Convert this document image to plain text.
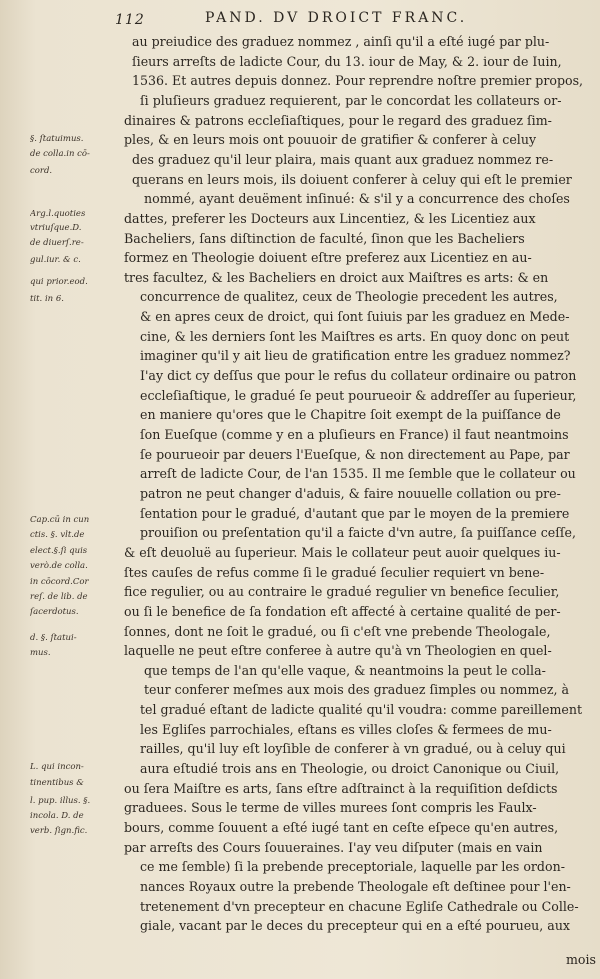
112	PAND. DV DROICT FRANC.
§. ſtatuimus.
de colla.in cō-
cord.
Arg.l.quoties
vtriuſque.D.
de diuerſ.re-
gul.iur. & c.
qui prior.eod.
tit. in 6.
Cap.cū in cun
ctis. §. vlt.de
elect.§.ſi quis
verò.de colla.
in cōcord.Cor
reſ. de lib. de
ſacerdotus.
d. §. ſtatui-
mus.
L. qui incon-
tinentibus &
l. pup. illus. §.
incola. D. de
verb. ſign.fic.
au preiudice des graduez nommez , ainſi qu'il a eſté iugé par plu-
ſieurs arreſts de ladicte Cour, du 13. iour de May, & 2. iour de Iuin,
1536. Et autres depuis donnez. Pour reprendre noſtre premier propos,
ſi pluſieurs graduez requierent, par le concordat les collateurs or-
dinaires & patrons eccleſiaſtiques, pour le regard des graduez ſim-
ples, & en leurs mois ont pouuoir de gratifier & conferer à celuy
des graduez qu'il leur plaira, mais quant aux graduez nommez re-
querans en leurs mois, ils doiuent conferer à celuy qui eſt le premier
nommé, ayant deuëment inſinué: & s'il y a concurrence des choſes
dattes, preferer les Docteurs aux Lincentiez, & les Licentiez aux
Bacheliers, ſans diſtinction de faculté, ſinon que les Bacheliers
formez en Theologie doiuent eſtre preferez aux Licentiez en au-
tres facultez, & les Bacheliers en droict aux Maiſtres es arts: & en
concurrence de qualitez, ceux de Theologie precedent les autres,
& en apres ceux de droict, qui ſont ſuiuis par les graduez en Mede-
cine, & les derniers ſont les Maiſtres es arts. En quoy donc on peut
imaginer qu'il y ait lieu de gratification entre les graduez nommez?
I'ay dict cy deſſus que pour le refus du collateur ordinaire ou patron
eccleſiaſtique, le gradué ſe peut pourueoir & addreſſer au ſuperieur,
en maniere qu'ores que le Chapitre ſoit exempt de la puiſſance de
ſon Eueſque (comme y en a pluſieurs en France) il faut neantmoins
ſe pourueoir par deuers l'Eueſque, & non directement au Pape, par
arreſt de ladicte Cour, de l'an 1535. Il me ſemble que le collateur ou
patron ne peut changer d'aduis, & faire nouuelle collation ou pre-
ſentation pour le gradué, d'autant que par le moyen de la premiere
prouiſion ou preſentation qu'il a faicte d'vn autre, ſa puiſſance ceſſe,
& eſt deuoluë au ſuperieur. Mais le collateur peut auoir quelques iu-
ſtes cauſes de refus comme ſi le gradué ſeculier requiert vn bene-
fice regulier, ou au contraire le gradué regulier vn benefice ſeculier,
ou ſi le benefice de ſa fondation eſt affecté à certaine qualité de per-
ſonnes, dont ne ſoit le gradué, ou ſi c'eſt vne prebende Theologale,
laquelle ne peut eſtre conferee à autre qu'à vn Theologien en quel-
que temps de l'an qu'elle vaque, & neantmoins la peut le colla-
teur conferer meſmes aux mois des graduez ſimples ou nommez, à
tel gradué eſtant de ladicte qualité qu'il voudra: comme pareillement
les Egliſes parrochiales, eſtans es villes cloſes & fermees de mu-
railles, qu'il luy eſt loyſible de conferer à vn gradué, ou à celuy qui
aura eſtudié trois ans en Theologie, ou droict Canonique ou Ciuil,
ou ſera Maiſtre es arts, ſans eſtre adſtrainct à la requiſition deſdicts
graduees. Sous le terme de villes murees ſont compris les Faulx-
bours, comme ſouuent a eſté iugé tant en ceſte eſpece qu'en autres,
par arreſts des Cours ſouueraines. I'ay veu diſputer (mais en vain
ce me ſemble) ſi la prebende preceptoriale, laquelle par les ordon-
nances Royaux outre la prebende Theologale eſt deſtinee pour l'en-
tretenement d'vn precepteur en chacune Egliſe Cathedrale ou Colle-
giale, vacant par le deces du precepteur qui en a eſté pourueu, aux
mois
